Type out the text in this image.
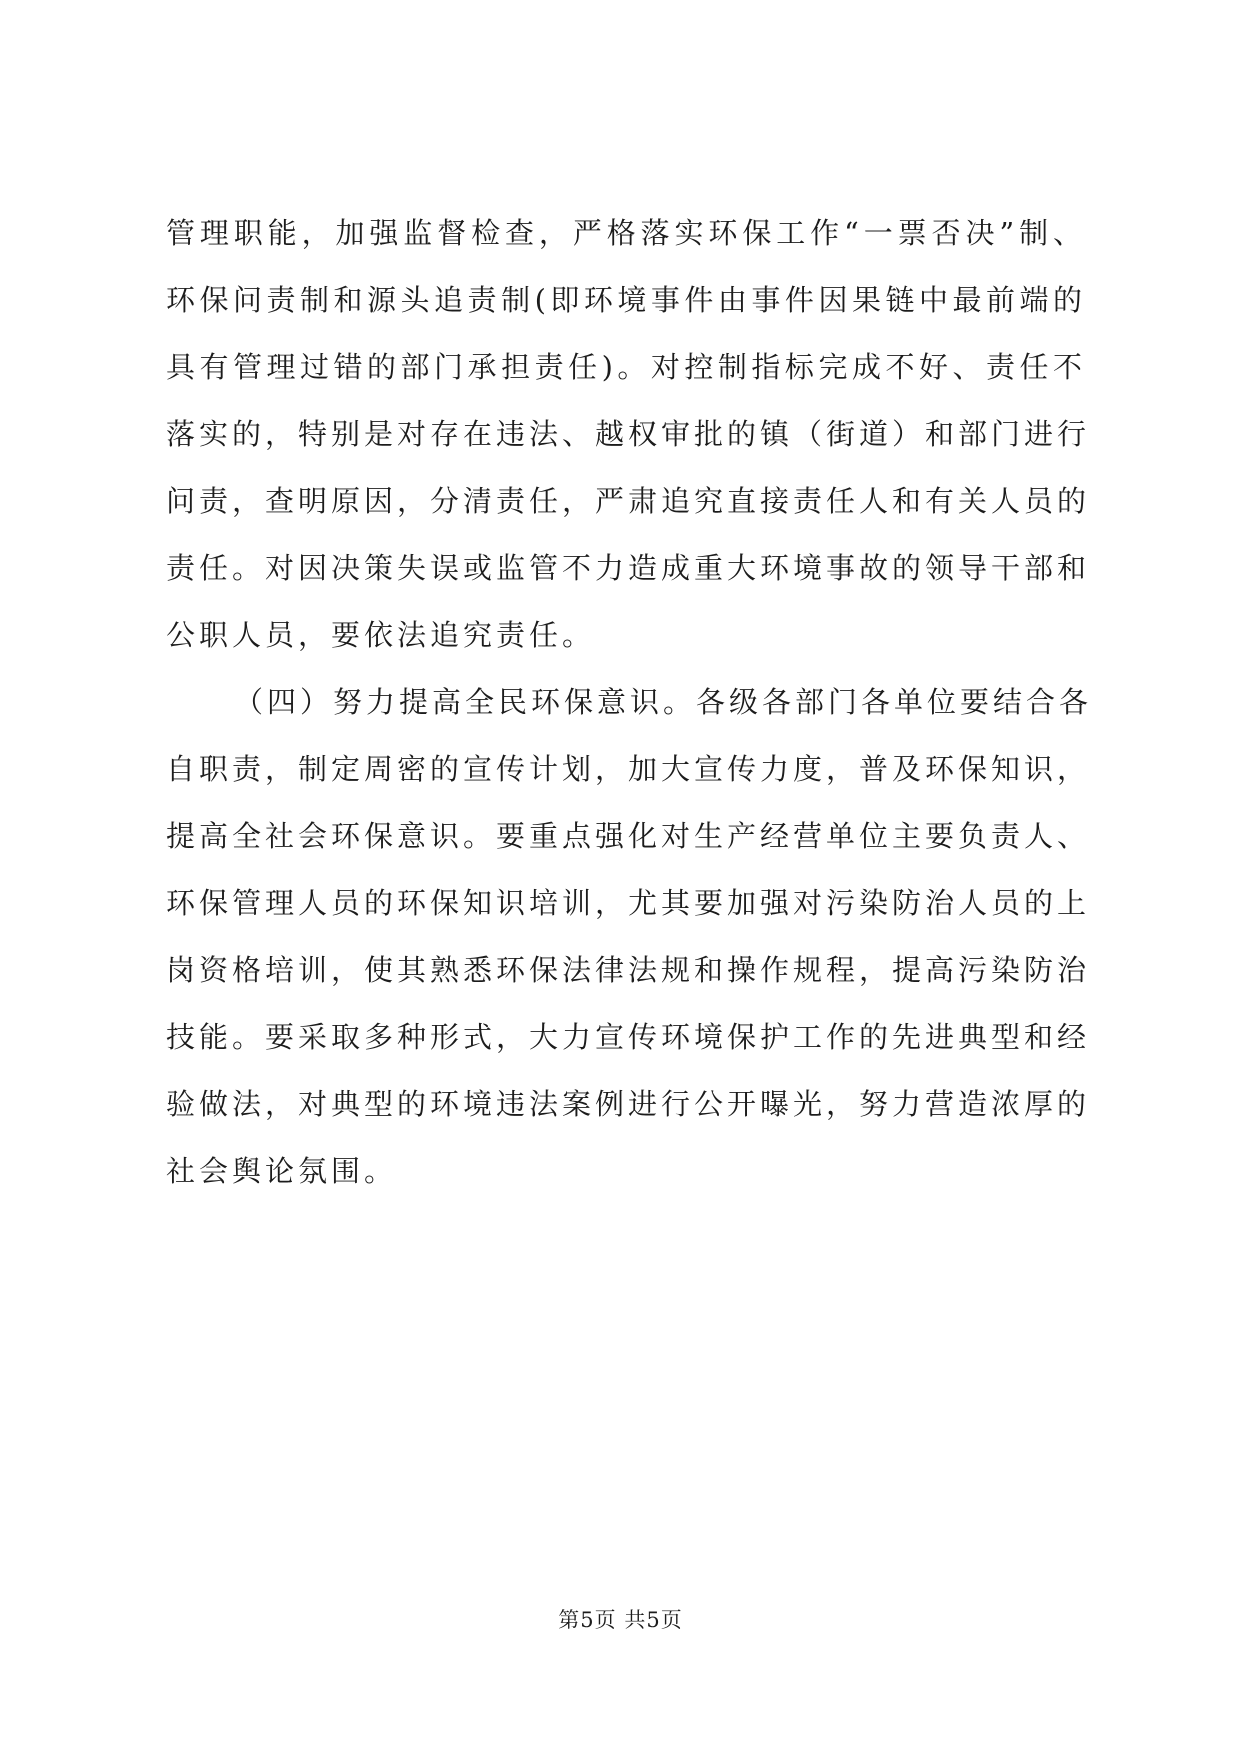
管理职能，加强监督检查，严格落实环保工作“一票否决”制、
环保问责制和源头追责制(即环境事件由事件因果链中最前端的
具有管理过错的部门承担责任)。对控制指标完成不好、责任不
落实的，特别是对存在违法、越权审批的镇（街道）和部门进行
问责，查明原因，分清责任，严肃追究直接责任人和有关人员的
责任。对因决策失误或监管不力造成重大环境事故的领导干部和
公职人员，要依法追究责任。
（四）努力提高全民环保意识。各级各部门各单位要结合各
自职责，制定周密的宣传计划，加大宣传力度，普及环保知识，
提高全社会环保意识。要重点强化对生产经营单位主要负责人、
环保管理人员的环保知识培训，尤其要加强对污染防治人员的上
岗资格培训，使其熟悉环保法律法规和操作规程，提高污染防治
技能。要采取多种形式，大力宣传环境保护工作的先进典型和经
验做法，对典型的环境违法案例进行公开曝光，努力营造浓厚的
社会舆论氛围。
第5页 共5页
